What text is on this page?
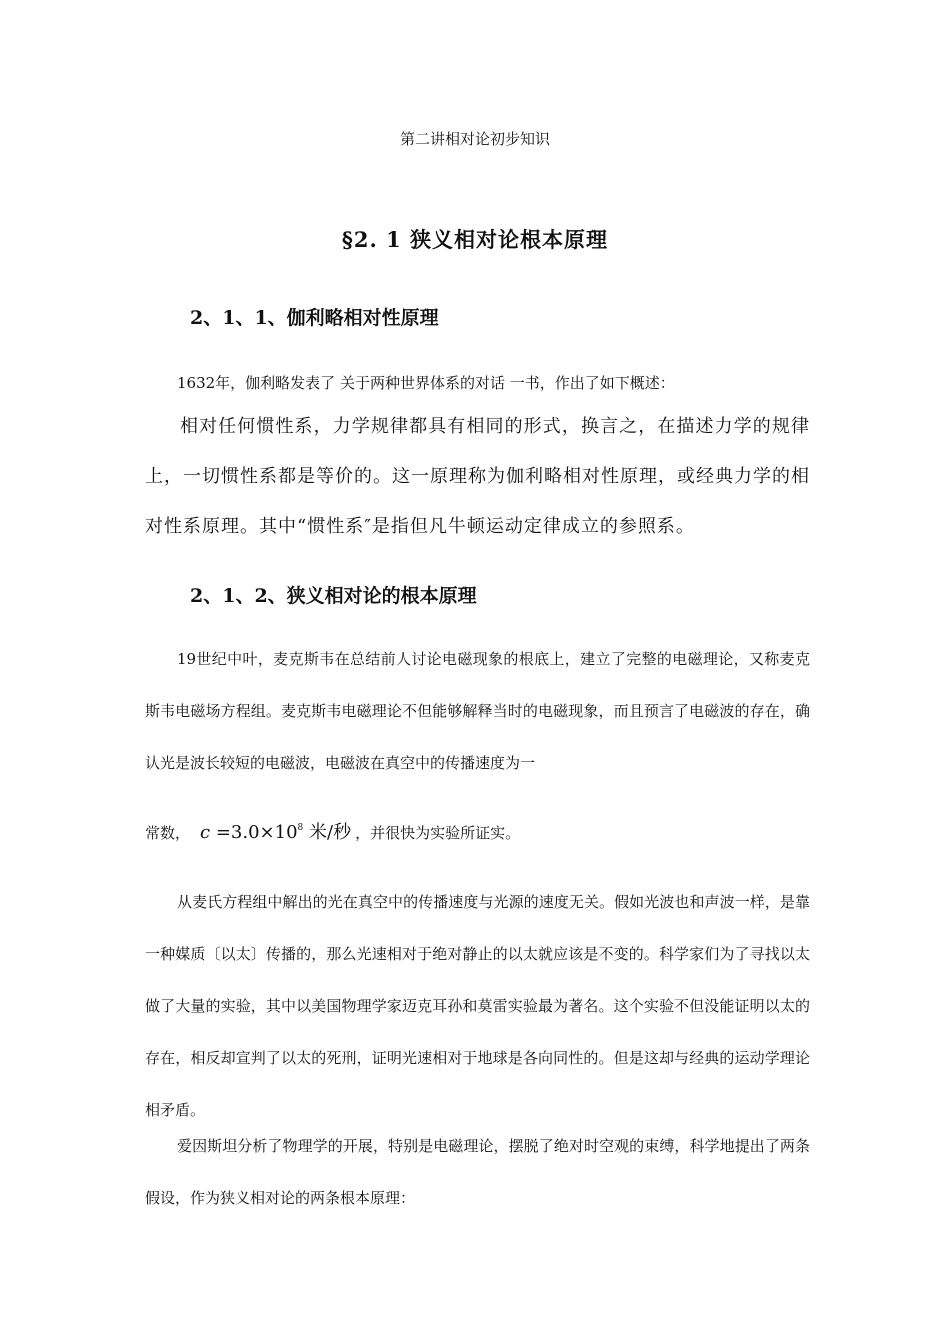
第二讲相对论初步知识
§2. 1 狭义相对论根本原理
2、1、1、伽利略相对性原理

1632年，伽利略发表了 关于两种世界体系的对话 一书，作出了如下概述：

相对任何惯性系，力学规律都具有相同的形式，换言之，在描述力学的规律上，一切惯性系都是等价的。这一原理称为伽利略相对性原理，或经典力学的相对性系原理。其中“惯性系″是指但凡牛顿运动定律成立的参照系。

2、1、2、狭义相对论的根本原理

19世纪中叶，麦克斯韦在总结前人讨论电磁现象的根底上，建立了完整的电磁理论，又称麦克斯韦电磁场方程组。麦克斯韦电磁理论不但能够解释当时的电磁现象，而且预言了电磁波的存在，确认光是波长较短的电磁波，电磁波在真空中的传播速度为一

常数， $c =3.0\times 10^8$ 米/秒 ，并很快为实验所证实。

从麦氏方程组中解出的光在真空中的传播速度与光源的速度无关。假如光波也和声波一样，是靠一种媒质〔以太〕传播的，那么光速相对于绝对静止的以太就应该是不变的。科学家们为了寻找以太做了大量的实验，其中以美国物理学家迈克耳孙和莫雷实验最为著名。这个实验不但没能证明以太的存在，相反却宣判了以太的死刑，证明光速相对于地球是各向同性的。但是这却与经典的运动学理论相矛盾。

爱因斯坦分析了物理学的开展，特别是电磁理论，摆脱了绝对时空观的束缚，科学地提出了两条假设，作为狭义相对论的两条根本原理：
